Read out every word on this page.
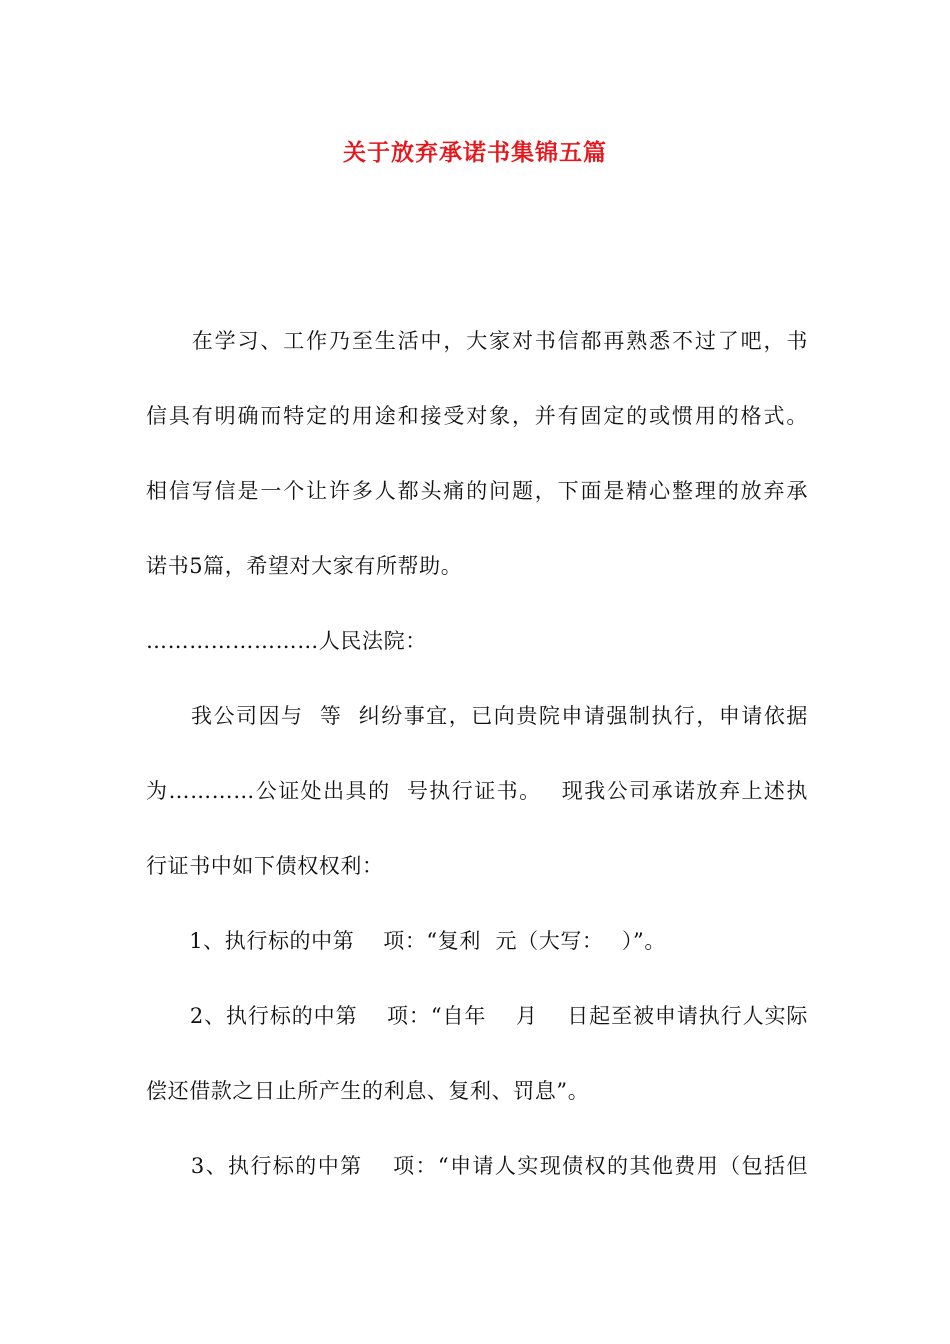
关于放弃承诺书集锦五篇
　　在学习、工作乃至生活中，大家对书信都再熟悉不过了吧，书
信具有明确而特定的用途和接受对象，并有固定的或惯用的格式。
相信写信是一个让许多人都头痛的问题，下面是精心整理的放弃承
诺书5篇，希望对大家有所帮助。
……………………人民法院：
　　我公司因与  等  纠纷事宜，已向贵院申请强制执行，申请依据
为…………公证处出具的  号执行证书。　 现我公司承诺放弃上述执
行证书中如下债权权利：
　　1、执行标的中第　 项：“复利  元（大写：　 ）”。
　　2、执行标的中第　 项：“自年　 月　 日起至被申请执行人实际
偿还借款之日止所产生的利息、复利、罚息”。
　　3、执行标的中第　 项：“申请人实现债权的其他费用（包括但
